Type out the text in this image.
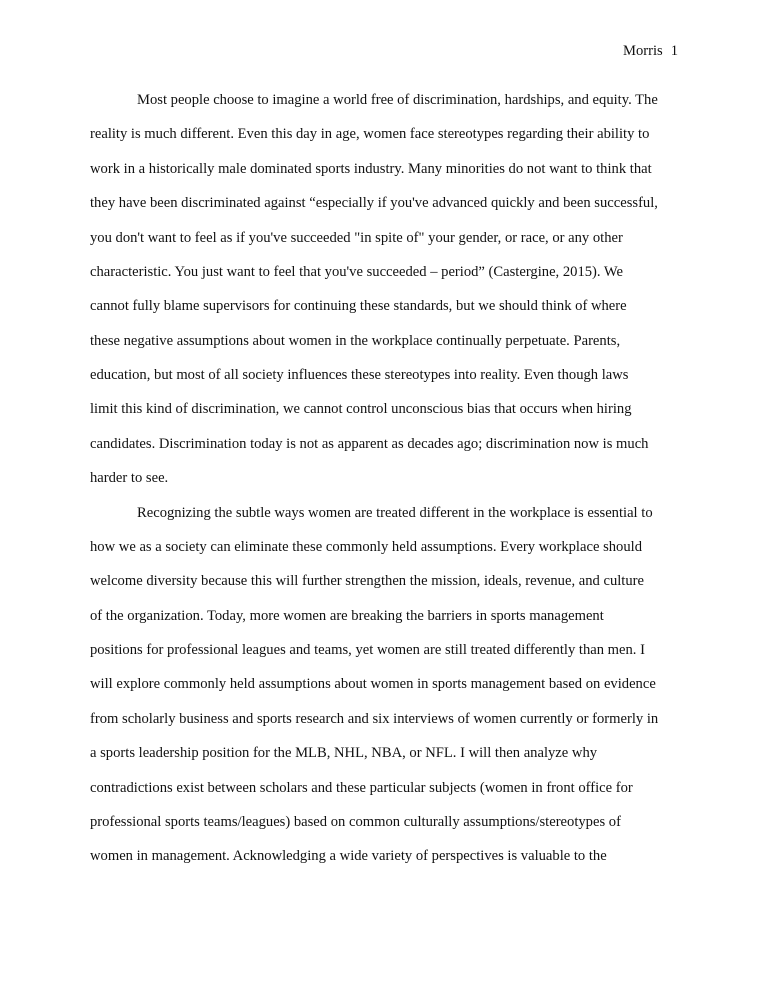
Morris 1
Most people choose to imagine a world free of discrimination, hardships, and equity. The
reality is much different. Even this day in age, women face stereotypes regarding their ability to
work in a historically male dominated sports industry. Many minorities do not want to think that
they have been discriminated against “especially if you've advanced quickly and been successful,
you don't want to feel as if you've succeeded "in spite of" your gender, or race, or any other
characteristic. You just want to feel that you've succeeded – period” (Castergine, 2015). We
cannot fully blame supervisors for continuing these standards, but we should think of where
these negative assumptions about women in the workplace continually perpetuate. Parents,
education, but most of all society influences these stereotypes into reality. Even though laws
limit this kind of discrimination, we cannot control unconscious bias that occurs when hiring
candidates. Discrimination today is not as apparent as decades ago; discrimination now is much
harder to see.
Recognizing the subtle ways women are treated different in the workplace is essential to
how we as a society can eliminate these commonly held assumptions. Every workplace should
welcome diversity because this will further strengthen the mission, ideals, revenue, and culture
of the organization. Today, more women are breaking the barriers in sports management
positions for professional leagues and teams, yet women are still treated differently than men. I
will explore commonly held assumptions about women in sports management based on evidence
from scholarly business and sports research and six interviews of women currently or formerly in
a sports leadership position for the MLB, NHL, NBA, or NFL. I will then analyze why
contradictions exist between scholars and these particular subjects (women in front office for
professional sports teams/leagues) based on common culturally assumptions/stereotypes of
women in management. Acknowledging a wide variety of perspectives is valuable to the
